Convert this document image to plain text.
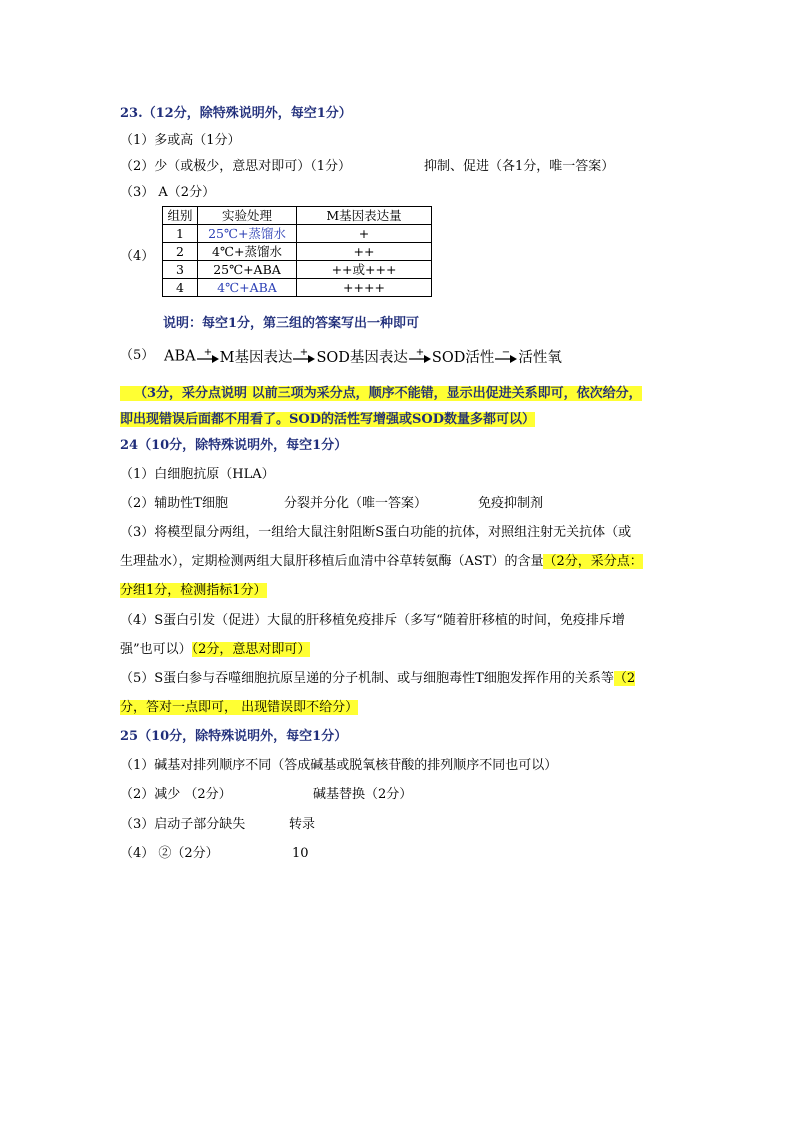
23.（12分，除特殊说明外，每空1分）
（1）多或高（1分）
（2）少（或极少，意思对即可）（1分）	抑制、促进（各1分，唯一答案）
（3） A（2分）
（4）
组别	实验处理	M基因表达量
1	25℃+蒸馏水	+
2	4℃+蒸馏水	++
3	25℃+ABA	++或+++
4	4℃+ABA	++++
说明：每空1分，第三组的答案写出一种即可
（5） ABA + M基因表达 + SOD基因表达 + SOD活性 − 活性氧
（3分，采分点说明 以前三项为采分点，顺序不能错，显示出促进关系即可，依次给分，
即出现错误后面都不用看了。SOD的活性写增强或SOD数量多都可以）
24（10分，除特殊说明外，每空1分）
（1）白细胞抗原（HLA）
（2）辅助性T细胞	分裂并分化（唯一答案）	免疫抑制剂
（3）将模型鼠分两组，一组给大鼠注射阻断S蛋白功能的抗体，对照组注射无关抗体（或
生理盐水），定期检测两组大鼠肝移植后血清中谷草转氨酶（AST）的含量（2分，采分点：
分组1分，检测指标1分）
（4）S蛋白引发（促进）大鼠的肝移植免疫排斥（多写“随着肝移植的时间，免疫排斥增
强”也可以）（2分，意思对即可）
（5）S蛋白参与吞噬细胞抗原呈递的分子机制、或与细胞毒性T细胞发挥作用的关系等（2
分，答对一点即可， 出现错误即不给分）
25（10分，除特殊说明外，每空1分）
（1）碱基对排列顺序不同（答成碱基或脱氧核苷酸的排列顺序不同也可以）
（2）减少 （2分）	碱基替换（2分）
（3）启动子部分缺失	转录
（4） ②（2分）	10
